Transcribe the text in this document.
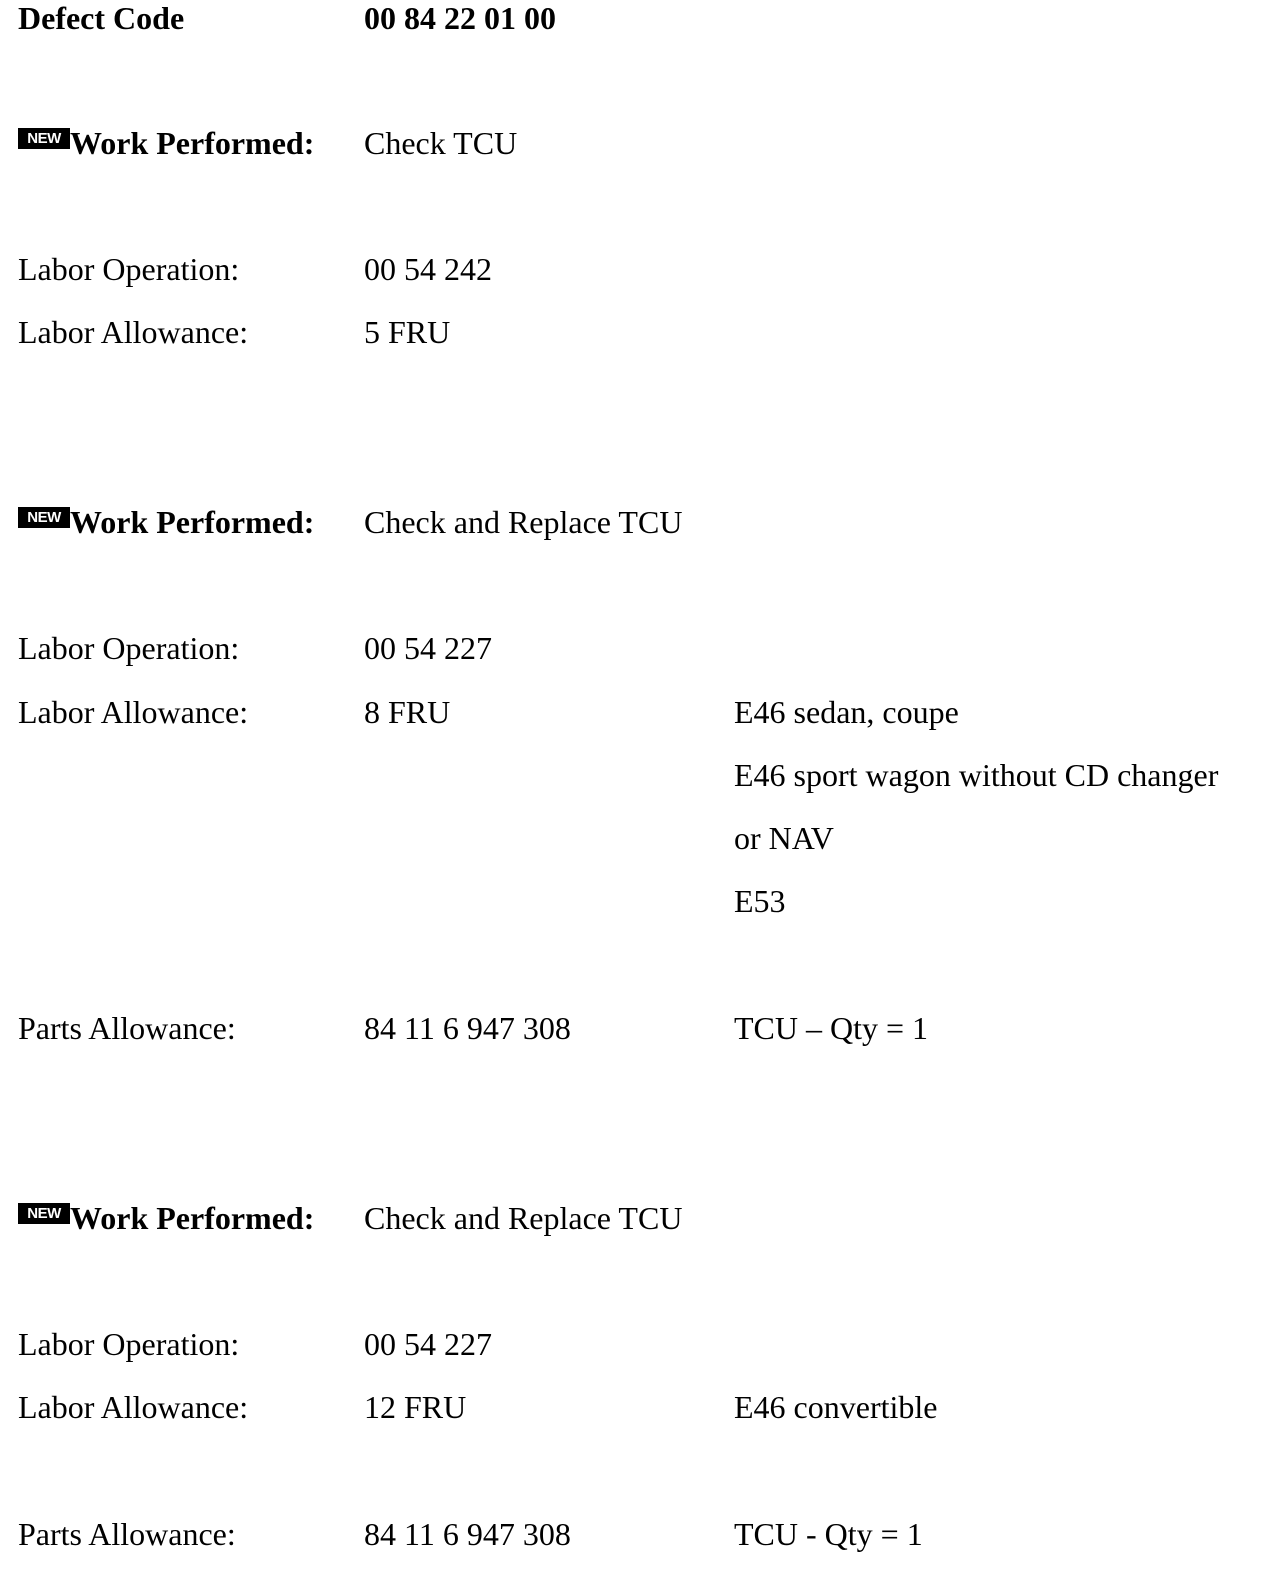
Defect Code	00 84 22 01 00
NEW Work Performed: Check TCU
Labor Operation:	00 54 242
Labor Allowance:	5 FRU
NEW Work Performed: Check and Replace TCU
Labor Operation:	00 54 227
Labor Allowance:	8 FRU	E46 sedan, coupe
E46 sport wagon without CD changer
or NAV
E53
Parts Allowance:	84 11 6 947 308	TCU – Qty = 1
NEW Work Performed: Check and Replace TCU
Labor Operation:	00 54 227
Labor Allowance:	12 FRU	E46 convertible
Parts Allowance:	84 11 6 947 308	TCU - Qty = 1
